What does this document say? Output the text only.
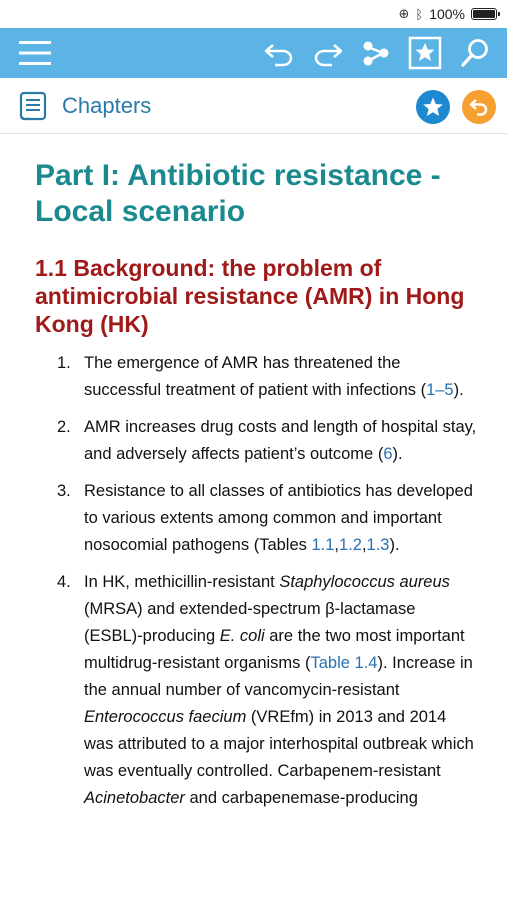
⊕ ᛒ 100%
Chapters
Part I: Antibiotic resistance - Local scenario
1.1 Background: the problem of antimicrobial resistance (AMR) in Hong Kong (HK)
1. The emergence of AMR has threatened the successful treatment of patient with infections (1–5).
2. AMR increases drug costs and length of hospital stay, and adversely affects patient’s outcome (6).
3. Resistance to all classes of antibiotics has developed to various extents among common and important nosocomial pathogens (Tables 1.1,1.2,1.3).
4. In HK, methicillin-resistant Staphylococcus aureus (MRSA) and extended-spectrum β-lactamase (ESBL)-producing E. coli are the two most important multidrug-resistant organisms (Table 1.4). Increase in the annual number of vancomycin-resistant Enterococcus faecium (VREfm) in 2013 and 2014 was attributed to a major interhospital outbreak which was eventually controlled. Carbapenem-resistant Acinetobacter and carbapenemase-producing
